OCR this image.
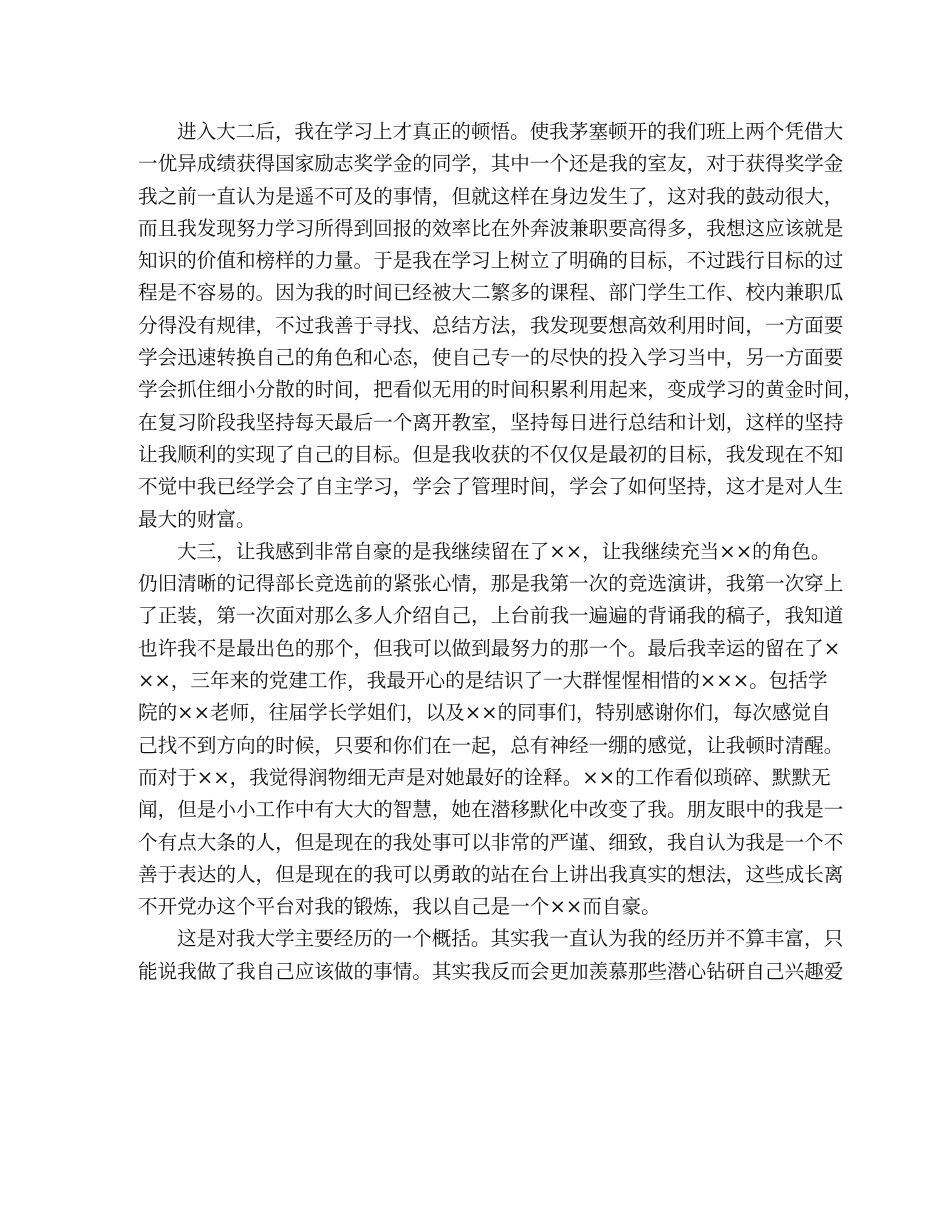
进入大二后，我在学习上才真正的顿悟。使我茅塞顿开的我们班上两个凭借大
一优异成绩获得国家励志奖学金的同学，其中一个还是我的室友，对于获得奖学金
我之前一直认为是遥不可及的事情，但就这样在身边发生了，这对我的鼓动很大，
而且我发现努力学习所得到回报的效率比在外奔波兼职要高得多，我想这应该就是
知识的价值和榜样的力量。于是我在学习上树立了明确的目标，不过践行目标的过
程是不容易的。因为我的时间已经被大二繁多的课程、部门学生工作、校内兼职瓜
分得没有规律，不过我善于寻找、总结方法，我发现要想高效利用时间，一方面要
学会迅速转换自己的角色和心态，使自己专一的尽快的投入学习当中，另一方面要
学会抓住细小分散的时间，把看似无用的时间积累利用起来，变成学习的黄金时间，
在复习阶段我坚持每天最后一个离开教室，坚持每日进行总结和计划，这样的坚持
让我顺利的实现了自己的目标。但是我收获的不仅仅是最初的目标，我发现在不知
不觉中我已经学会了自主学习，学会了管理时间，学会了如何坚持，这才是对人生
最大的财富。
大三，让我感到非常自豪的是我继续留在了××，让我继续充当××的角色。
仍旧清晰的记得部长竞选前的紧张心情，那是我第一次的竞选演讲，我第一次穿上
了正装，第一次面对那么多人介绍自己，上台前我一遍遍的背诵我的稿子，我知道
也许我不是最出色的那个，但我可以做到最努力的那一个。最后我幸运的留在了×
××，三年来的党建工作，我最开心的是结识了一大群惺惺相惜的×××。包括学
院的××老师，往届学长学姐们，以及××的同事们，特别感谢你们，每次感觉自
己找不到方向的时候，只要和你们在一起，总有神经一绷的感觉，让我顿时清醒。
而对于××，我觉得润物细无声是对她最好的诠释。××的工作看似琐碎、默默无
闻，但是小小工作中有大大的智慧，她在潜移默化中改变了我。朋友眼中的我是一
个有点大条的人，但是现在的我处事可以非常的严谨、细致，我自认为我是一个不
善于表达的人，但是现在的我可以勇敢的站在台上讲出我真实的想法，这些成长离
不开党办这个平台对我的锻炼，我以自己是一个××而自豪。
这是对我大学主要经历的一个概括。其实我一直认为我的经历并不算丰富，只
能说我做了我自己应该做的事情。其实我反而会更加羡慕那些潜心钻研自己兴趣爱
